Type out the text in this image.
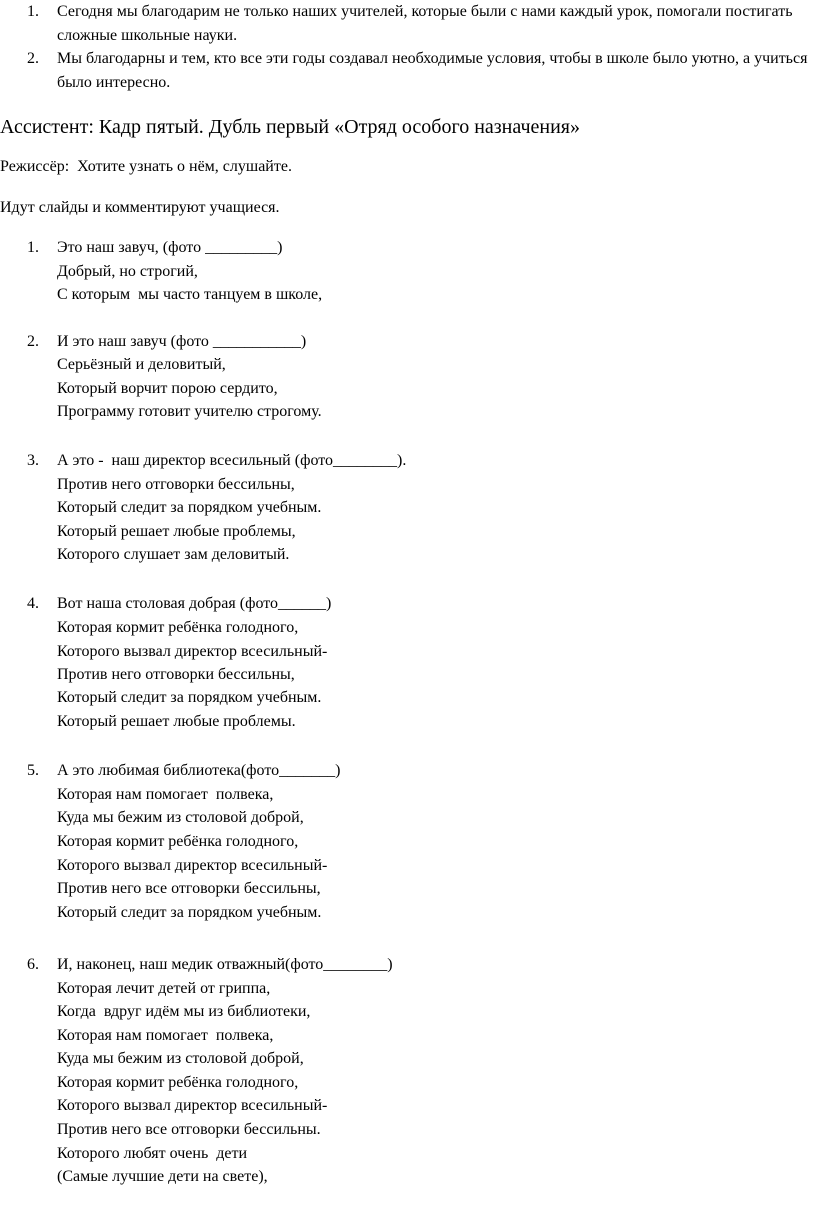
1.	Сегодня мы благодарим не только наших учителей, которые были с нами каждый урок, помогали постигать сложные школьные науки.
2.	Мы благодарны и тем, кто все эти годы создавал необходимые условия, чтобы в школе было уютно, а учиться было интересно.
Ассистент: Кадр пятый. Дубль первый «Отряд особого назначения»
Режиссёр:  Хотите узнать о нём, слушайте.
Идут слайды и комментируют учащиеся.
1.	Это наш завуч, (фото _________)
Добрый, но строгий,
С которым  мы часто танцуем в школе,
2.	И это наш завуч (фото ___________)
Серьёзный и деловитый,
Который ворчит порою сердито,
Программу готовит учителю строгому.
3.	А это -  наш директор всесильный (фото________).
Против него отговорки бессильны,
Который следит за порядком учебным.
Который решает любые проблемы,
Которого слушает зам деловитый.
4.	Вот наша столовая добрая (фото______)
Которая кормит ребёнка голодного,
Которого вызвал директор всесильный-
Против него отговорки бессильны,
Который следит за порядком учебным.
Который решает любые проблемы.
5.	А это любимая библиотека(фото_______)
Которая нам помогает  полвека,
Куда мы бежим из столовой доброй,
Которая кормит ребёнка голодного,
Которого вызвал директор всесильный-
Против него все отговорки бессильны,
Который следит за порядком учебным.
6.	И, наконец, наш медик отважный(фото________)
Которая лечит детей от гриппа,
Когда  вдруг идём мы из библиотеки,
Которая нам помогает  полвека,
Куда мы бежим из столовой доброй,
Которая кормит ребёнка голодного,
Которого вызвал директор всесильный-
Против него все отговорки бессильны.
Которого любят очень  дети
(Самые лучшие дети на свете),
